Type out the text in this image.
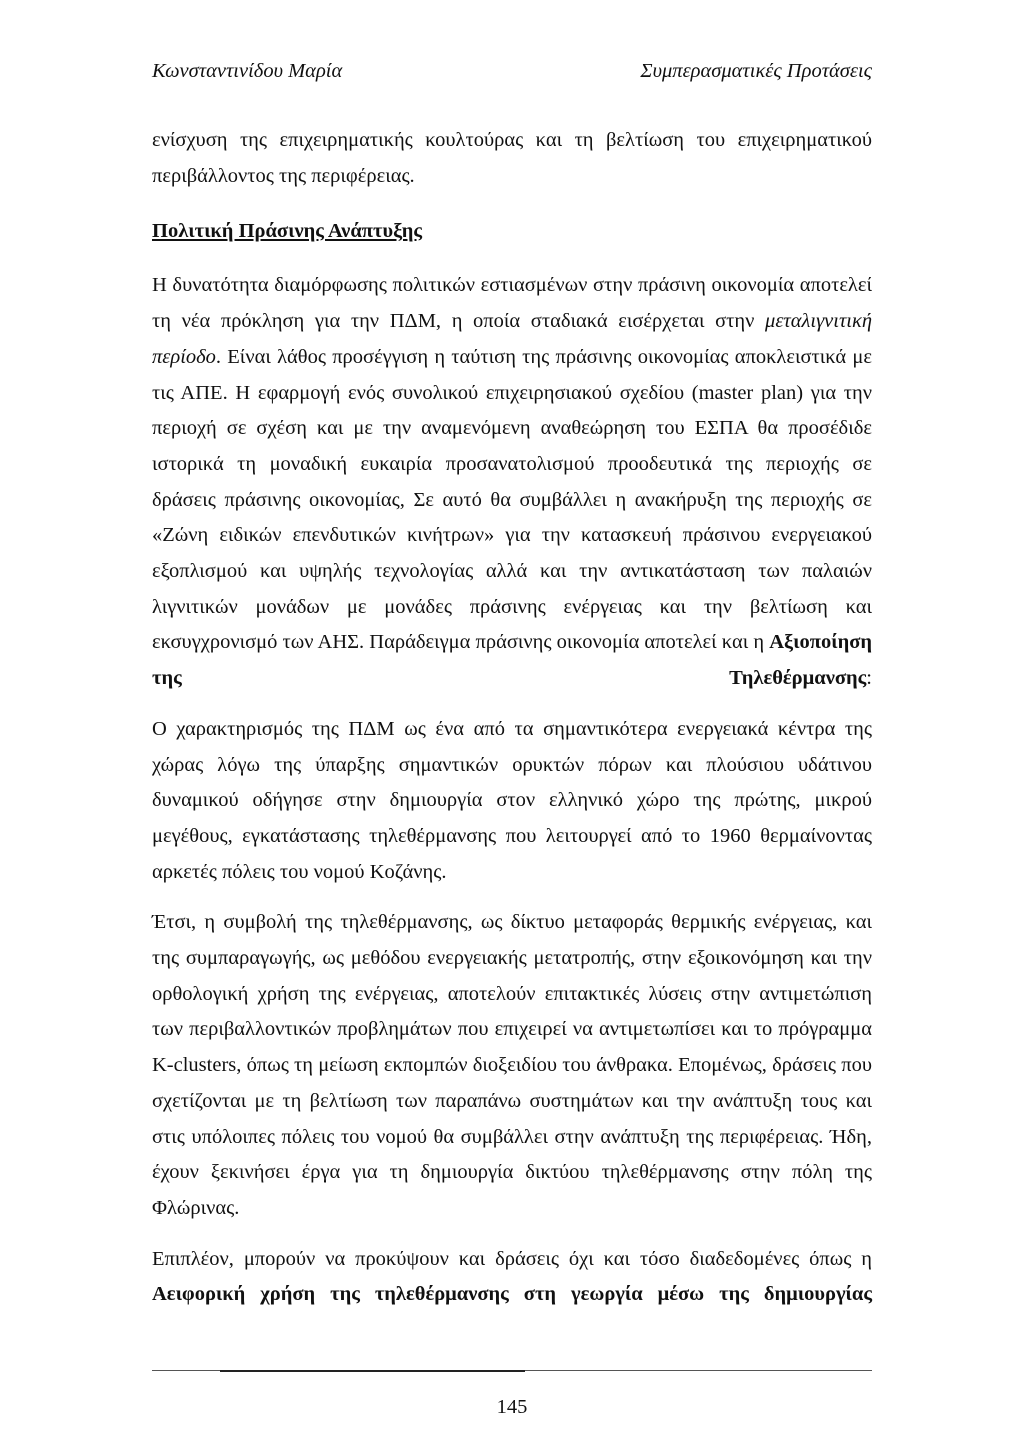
Κωνσταντινίδου Μαρία	Συμπερασματικές Προτάσεις

ενίσχυση της επιχειρηματικής κουλτούρας και τη βελτίωση του επιχειρηματικού περιβάλλοντος της περιφέρειας.

Πολιτική Πράσινης Ανάπτυξης

Η δυνατότητα διαμόρφωσης πολιτικών εστιασμένων στην πράσινη οικονομία αποτελεί τη νέα πρόκληση για την ΠΔΜ, η οποία σταδιακά εισέρχεται στην μεταλιγνιτική περίοδο. Είναι λάθος προσέγγιση η ταύτιση της πράσινης οικονομίας αποκλειστικά με τις ΑΠΕ. Η εφαρμογή ενός συνολικού επιχειρησιακού σχεδίου (master plan) για την περιοχή σε σχέση και με την αναμενόμενη αναθεώρηση του ΕΣΠΑ θα προσέδιδε ιστορικά τη μοναδική ευκαιρία προσανατολισμού προοδευτικά της περιοχής σε δράσεις πράσινης οικονομίας, Σε αυτό θα συμβάλλει η ανακήρυξη της περιοχής σε «Ζώνη ειδικών επενδυτικών κινήτρων» για την κατασκευή πράσινου ενεργειακού εξοπλισμού και υψηλής τεχνολογίας αλλά και την αντικατάσταση των παλαιών λιγνιτικών μονάδων με μονάδες πράσινης ενέργειας και την βελτίωση και εκσυγχρονισμό των ΑΗΣ. Παράδειγμα πράσινης οικονομία αποτελεί και η Αξιοποίηση της Τηλεθέρμανσης:

Ο χαρακτηρισμός της ΠΔΜ ως ένα από τα σημαντικότερα ενεργειακά κέντρα της χώρας λόγω της ύπαρξης σημαντικών ορυκτών πόρων και πλούσιου υδάτινου δυναμικού οδήγησε στην δημιουργία στον ελληνικό χώρο της πρώτης, μικρού μεγέθους, εγκατάστασης τηλεθέρμανσης που λειτουργεί από το 1960 θερμαίνοντας αρκετές πόλεις του νομού Κοζάνης.

Έτσι, η συμβολή της τηλεθέρμανσης, ως δίκτυο μεταφοράς θερμικής ενέργειας, και της συμπαραγωγής, ως μεθόδου ενεργειακής μετατροπής, στην εξοικονόμηση και την ορθολογική χρήση της ενέργειας, αποτελούν επιτακτικές λύσεις στην αντιμετώπιση των περιβαλλοντικών προβλημάτων που επιχειρεί να αντιμετωπίσει και το πρόγραμμα K-clusters, όπως τη μείωση εκπομπών διοξειδίου του άνθρακα. Επομένως, δράσεις που σχετίζονται με τη βελτίωση των παραπάνω συστημάτων και την ανάπτυξη τους και στις υπόλοιπες πόλεις του νομού θα συμβάλλει στην ανάπτυξη της περιφέρειας. Ήδη, έχουν ξεκινήσει έργα για τη δημιουργία δικτύου τηλεθέρμανσης στην πόλη της Φλώρινας.

Επιπλέον, μπορούν να προκύψουν και δράσεις όχι και τόσο διαδεδομένες όπως η Αειφορική χρήση της τηλεθέρμανσης στη γεωργία μέσω της δημιουργίας

145
